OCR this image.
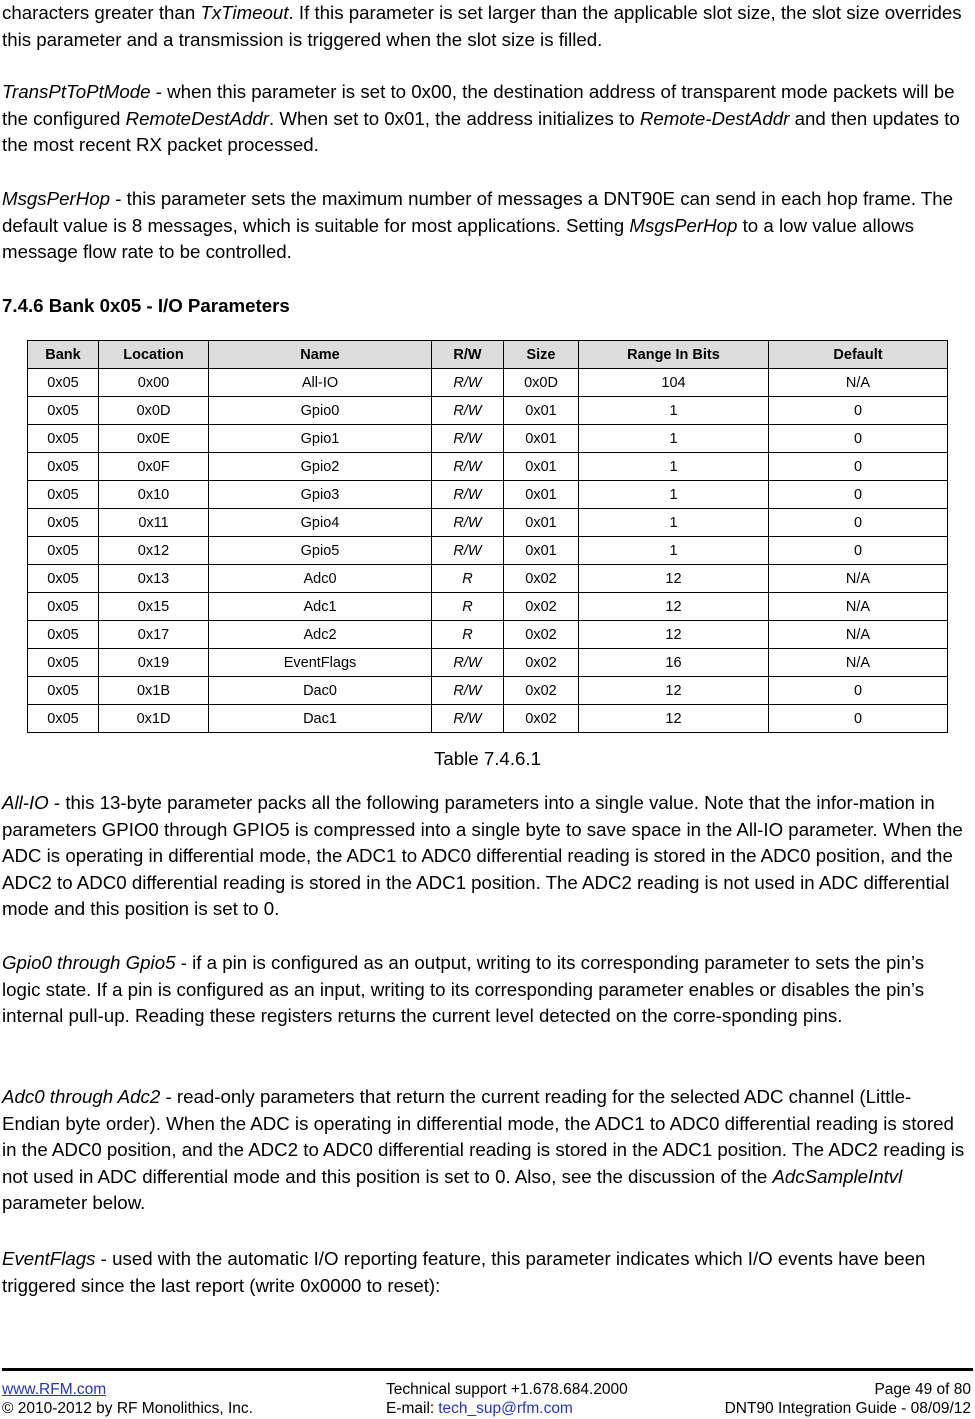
characters greater than TxTimeout. If this parameter is set larger than the applicable slot size, the slot size overrides this parameter and a transmission is triggered when the slot size is filled.

TransPtToPtMode - when this parameter is set to 0x00, the destination address of transparent mode packets will be the configured RemoteDestAddr. When set to 0x01, the address initializes to Remote-DestAddr and then updates to the most recent RX packet processed.

MsgsPerHop - this parameter sets the maximum number of messages a DNT90E can send in each hop frame. The default value is 8 messages, which is suitable for most applications. Setting MsgsPerHop to a low value allows message flow rate to be controlled.

7.4.6 Bank 0x05 - I/O Parameters
Bank	Location	Name	R/W	Size	Range In Bits	Default
0x05	0x00	All-IO	R/W	0x0D	104	N/A
0x05	0x0D	Gpio0	R/W	0x01	1	0
0x05	0x0E	Gpio1	R/W	0x01	1	0
0x05	0x0F	Gpio2	R/W	0x01	1	0
0x05	0x10	Gpio3	R/W	0x01	1	0
0x05	0x11	Gpio4	R/W	0x01	1	0
0x05	0x12	Gpio5	R/W	0x01	1	0
0x05	0x13	Adc0	R	0x02	12	N/A
0x05	0x15	Adc1	R	0x02	12	N/A
0x05	0x17	Adc2	R	0x02	12	N/A
0x05	0x19	EventFlags	R/W	0x02	16	N/A
0x05	0x1B	Dac0	R/W	0x02	12	0
0x05	0x1D	Dac1	R/W	0x02	12	0

Table 7.4.6.1

All-IO - this 13-byte parameter packs all the following parameters into a single value. Note that the infor-mation in parameters GPIO0 through GPIO5 is compressed into a single byte to save space in the All-IO parameter. When the ADC is operating in differential mode, the ADC1 to ADC0 differential reading is stored in the ADC0 position, and the ADC2 to ADC0 differential reading is stored in the ADC1 position. The ADC2 reading is not used in ADC differential mode and this position is set to 0.

Gpio0 through Gpio5 - if a pin is configured as an output, writing to its corresponding parameter to sets the pin’s logic state. If a pin is configured as an input, writing to its corresponding parameter enables or disables the pin’s internal pull-up. Reading these registers returns the current level detected on the corre-sponding pins.

Adc0 through Adc2 - read-only parameters that return the current reading for the selected ADC channel (Little-Endian byte order). When the ADC is operating in differential mode, the ADC1 to ADC0 differential reading is stored in the ADC0 position, and the ADC2 to ADC0 differential reading is stored in the ADC1 position. The ADC2 reading is not used in ADC differential mode and this position is set to 0. Also, see the discussion of the AdcSampleIntvl parameter below.

EventFlags - used with the automatic I/O reporting feature, this parameter indicates which I/O events have been triggered since the last report (write 0x0000 to reset):

www.RFM.com	Technical support +1.678.684.2000	Page 49 of 80
© 2010-2012 by RF Monolithics, Inc.	E-mail: tech_sup@rfm.com	DNT90 Integration Guide - 08/09/12
